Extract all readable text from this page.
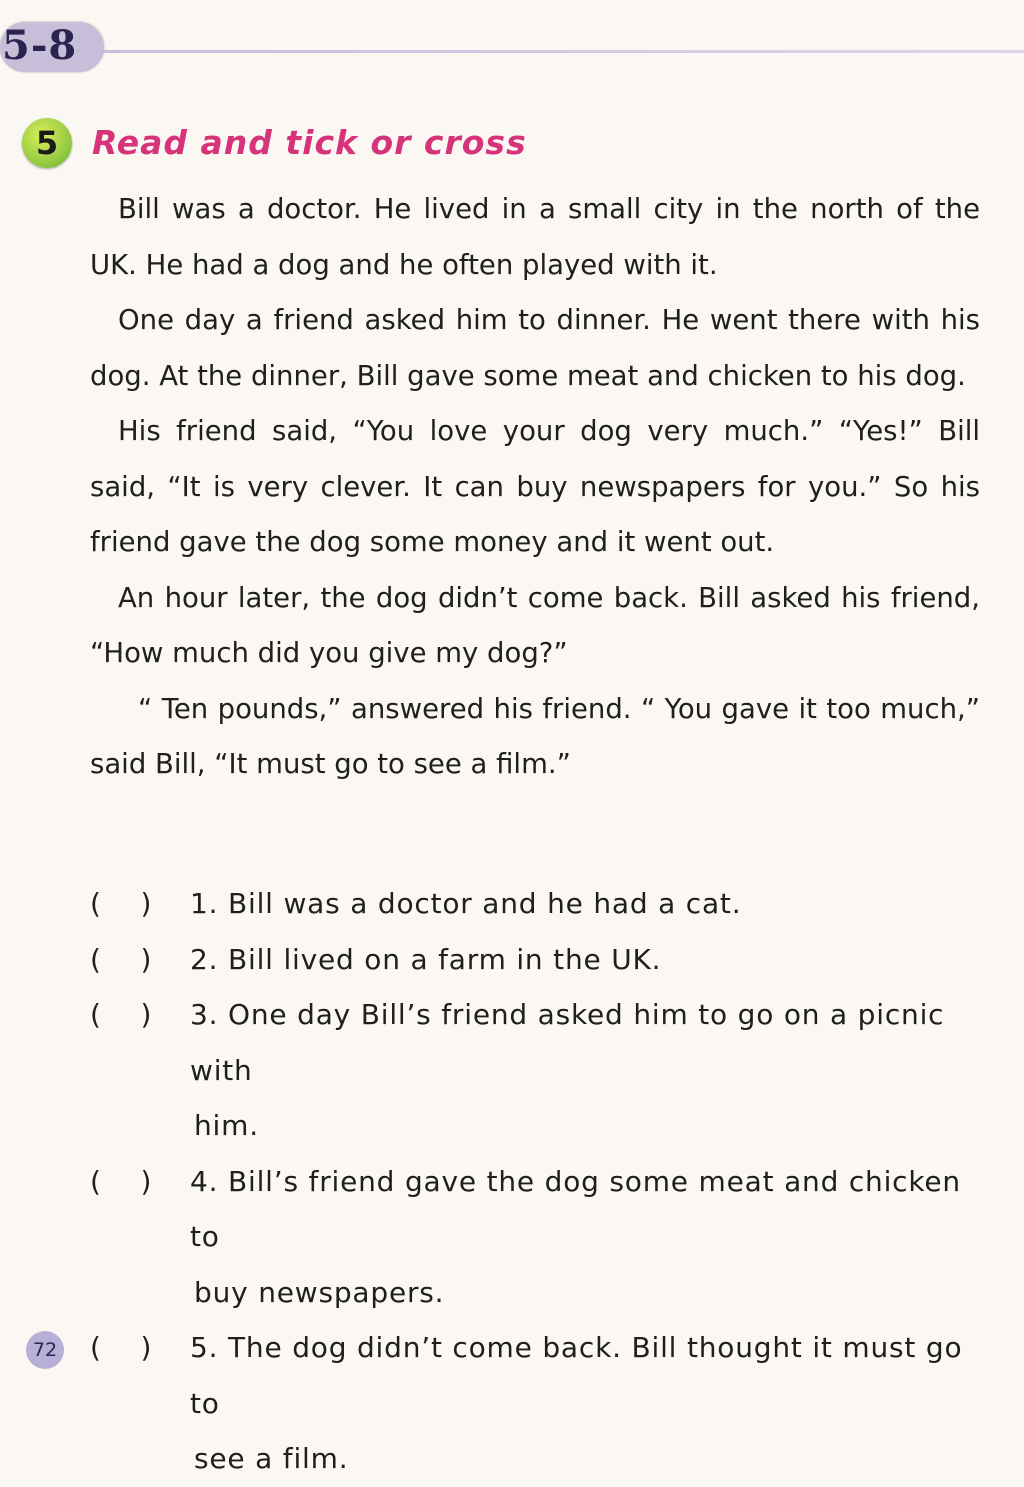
5-8
5	Read and tick or cross

Bill was a doctor. He lived in a small city in the north of the UK. He had a dog and he often played with it.

One day a friend asked him to dinner. He went there with his dog. At the dinner, Bill gave some meat and chicken to his dog.

His friend said, “You love your dog very much.” “Yes!” Bill said, “It is very clever. It can buy newspapers for you.” So his friend gave the dog some money and it went out.

An hour later, the dog didn’t come back. Bill asked his friend, “How much did you give my dog?”

“ Ten pounds,” answered his friend. “ You gave it too much,” said Bill, “It must go to see a film.”

(    )	1. Bill was a doctor and he had a cat.
(    )	2. Bill lived on a farm in the UK.
(    )	3. One day Bill’s friend asked him to go on a picnic with
him.
(    )	4. Bill’s friend gave the dog some meat and chicken to
buy newspapers.
(    )	5. The dog didn’t come back. Bill thought it must go to
see a film.
72
